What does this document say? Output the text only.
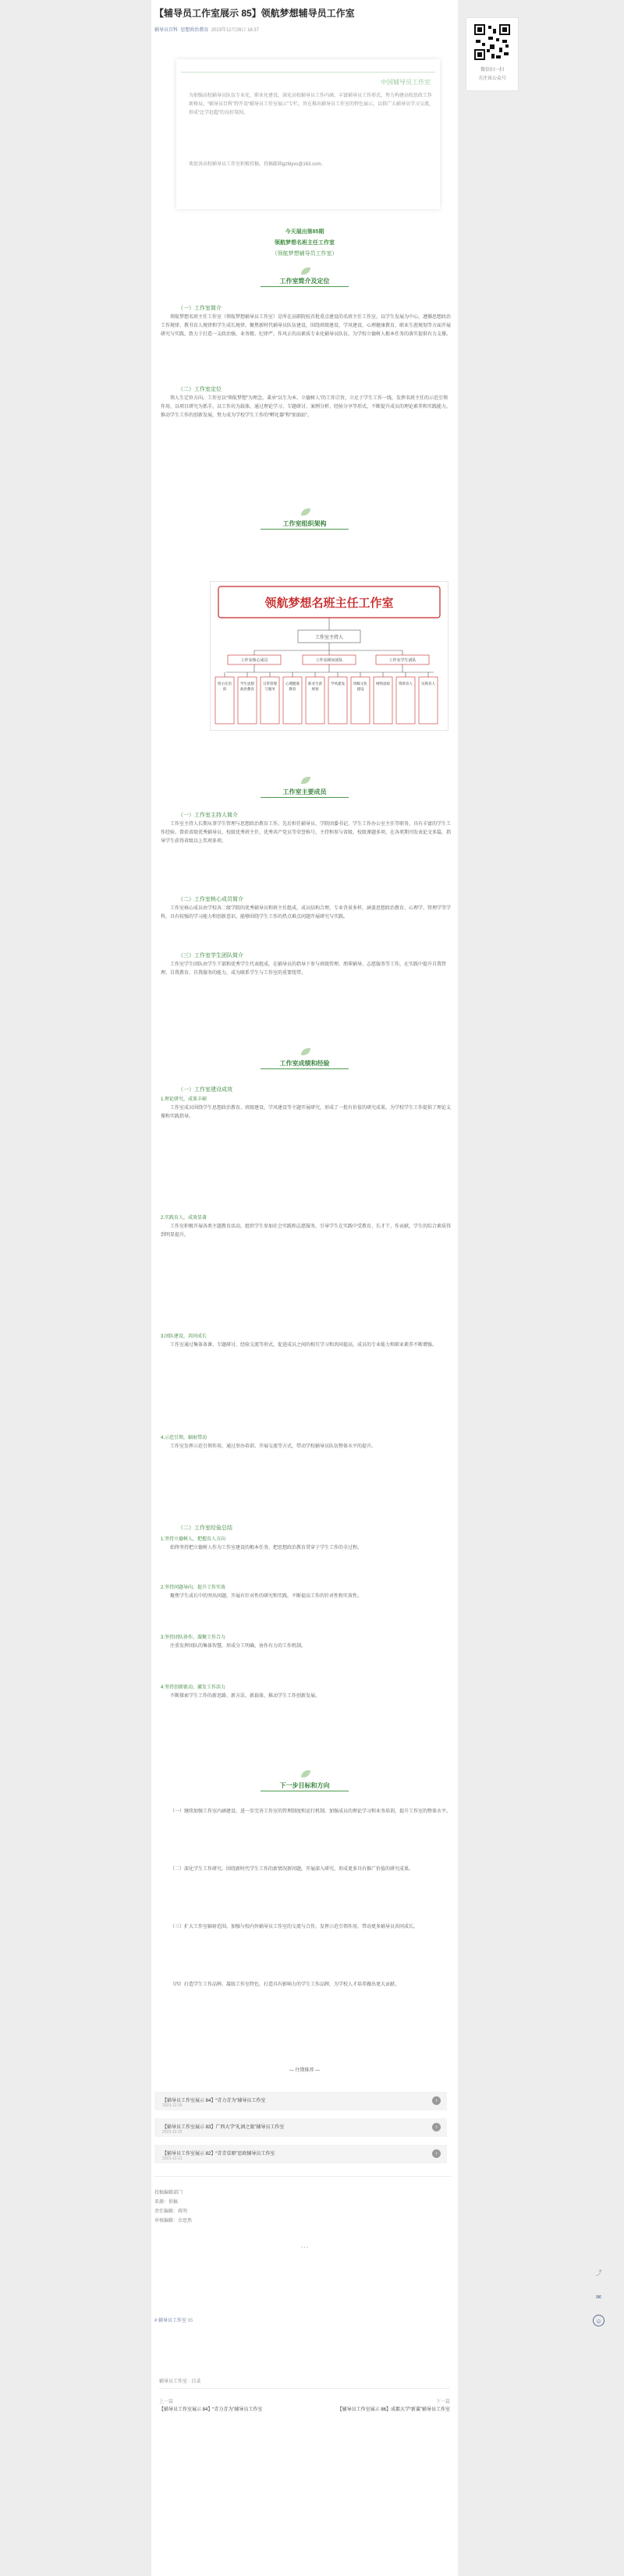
【辅导员工作室展示 85】领航梦想辅导员工作室
辅导员百科 思想政治教育 2023年12月26日 16:37
微信扫一扫
关注该公众号
中国辅导员工作室

为加强高校辅导员队伍专业化、职业化建设，深化高校辅导员工作内涵、丰富辅导员工作形式，努力构建高校思政工作新格局，“辅导员百科”特开设“辅导员工作室展示”专栏，旨在推出辅导员工作室的特色展示，以供广大辅导员学习交流，形成“比学赶超”的良好氛围。

欢迎各高校辅导员工作室积极投稿，投稿邮箱gzfdyxs@163.com。

今天展出第85期
领航梦想名班主任工作室
（领航梦想辅导员工作室）
工作室简介及定位
（一）工作室简介
领航梦想名班主任工作室（领航梦想辅导员工作室）是所在高职院校首批重点建设的名班主任工作室，以学生发展为中心，遵循思想政治工作规律、教书育人规律和学生成长规律，聚焦新时代辅导员队伍建设，围绕班级建设、学风建设、心理健康教育、职业生涯规划等方面开展研究与实践，致力于打造一支政治强、业务精、纪律严、作风正的高素质专业化辅导员队伍，为学校立德树人根本任务的落实提供有力支撑。
（二）工作室定位
领人生定位方向。工作室以“领航梦想”为理念，秉承“以生为本、立德树人”的工作宗旨，立足于学生工作一线，发挥名班主任的示范引领作用，以项目研究为抓手，以工作坊为载体，通过理论学习、专题研讨、案例分析、经验分享等形式，不断提升成员的理论素养和实践能力，推动学生工作的创新发展，努力成为学校学生工作的“孵化器”和“加油站”。
工作室组织架构
领航梦想名班主任工作室
工作室主持人
工作室核心成员	工作室顾问团队	工作室学生团队
班主任培训
学生思想政治教育
日常管理与服务
心理健康教育
职业生涯规划
学风建设 班级文化建设
网络思政 资助育人 实践育人
工作室主要成员
（一）工作室主持人简介
工作室主持人长期从事学生管理与思想政治教育工作，先后担任辅导员、学院团委书记、学生工作办公室主任等职务，具有丰富的学生工作经验。曾获省级优秀辅导员、校级优秀班主任、优秀共产党员等荣誉称号，主持和参与省级、校级课题多项，在各类期刊发表论文多篇，指导学生获得省级以上奖项多项。
（二）工作室核心成员简介
工作室核心成员由学校各二级学院的优秀辅导员和班主任组成，成员结构合理，专业背景多样，涵盖思想政治教育、心理学、管理学等学科，具有较强的学习能力和创新意识，能够围绕学生工作的热点难点问题开展研究与实践。
（三）工作室学生团队简介
工作室学生团队由学生干部和优秀学生代表组成，在辅导员的指导下参与班级管理、朋辈辅导、志愿服务等工作，在实践中提升自我管理、自我教育、自我服务的能力，成为联系学生与工作室的重要纽带。
工作室成绩和经验
（一）工作室建设成效
1.理论研究，成果丰硕
工作室成员围绕学生思想政治教育、班级建设、学风建设等主题开展研究，形成了一批有价值的研究成果，为学校学生工作提供了理论支撑和实践指导。
2.实践育人，成效显著
工作室积极开展各类主题教育活动，组织学生参加社会实践和志愿服务，引导学生在实践中受教育、长才干、作贡献，学生的综合素质得到明显提升。
3.团队建设，共同成长
工作室通过集体备课、专题研讨、经验交流等形式，促进成员之间的相互学习和共同提高，成员的专业能力和职业素养不断增强。
4.示范引领，辐射带动
工作室发挥示范引领作用，通过举办培训、开展交流等方式，带动学校辅导员队伍整体水平的提升。
（二）工作室经验总结
1.坚持立德树人，把握育人方向
始终坚持把立德树人作为工作室建设的根本任务，把思想政治教育贯穿于学生工作的全过程。
2.坚持问题导向，提升工作实效
聚焦学生成长中的突出问题，开展有针对性的研究和实践，不断提高工作的针对性和实效性。
3.坚持团队协作，凝聚工作合力
注重发挥团队的集体智慧，形成分工明确、协作有力的工作机制。
4.坚持创新驱动，激发工作活力
不断探索学生工作的新思路、新方法、新载体，推动学生工作创新发展。
下一步目标和方向
（一）继续加强工作室内涵建设。进一步完善工作室的管理制度和运行机制，加强成员的理论学习和业务培训，提升工作室的整体水平。
（二）深化学生工作研究。围绕新时代学生工作的新情况新问题，开展深入研究，形成更多具有推广价值的研究成果。
（三）扩大工作室辐射范围。加强与校内外辅导员工作室的交流与合作，发挥示范引领作用，带动更多辅导员共同成长。
（四）打造学生工作品牌。凝练工作室特色，打造具有影响力的学生工作品牌，为学校人才培养做出更大贡献。
— 往期推荐 —
【辅导员工作室展示 84】“青力青为”辅导员工作室
2023-12-25
›
【辅导员工作室展示 83】广西大学“礼润之旅”辅导员工作室
2023-12-22
›
【辅导员工作室展示 82】“青青草原”思政辅导员工作室
2023-12-21
›
投稿编辑部门
来源：供稿
责任编辑：蒋明
审核编辑：余思然
···
# 辅导员工作室 85
辅导员工作室 · 目录
上一篇
【辅导员工作室展示 84】“青力青为”辅导员工作室
下一篇
【辅导员工作室展示 86】成都大学“新翼”辅导员工作室
⤴
✉
☺
